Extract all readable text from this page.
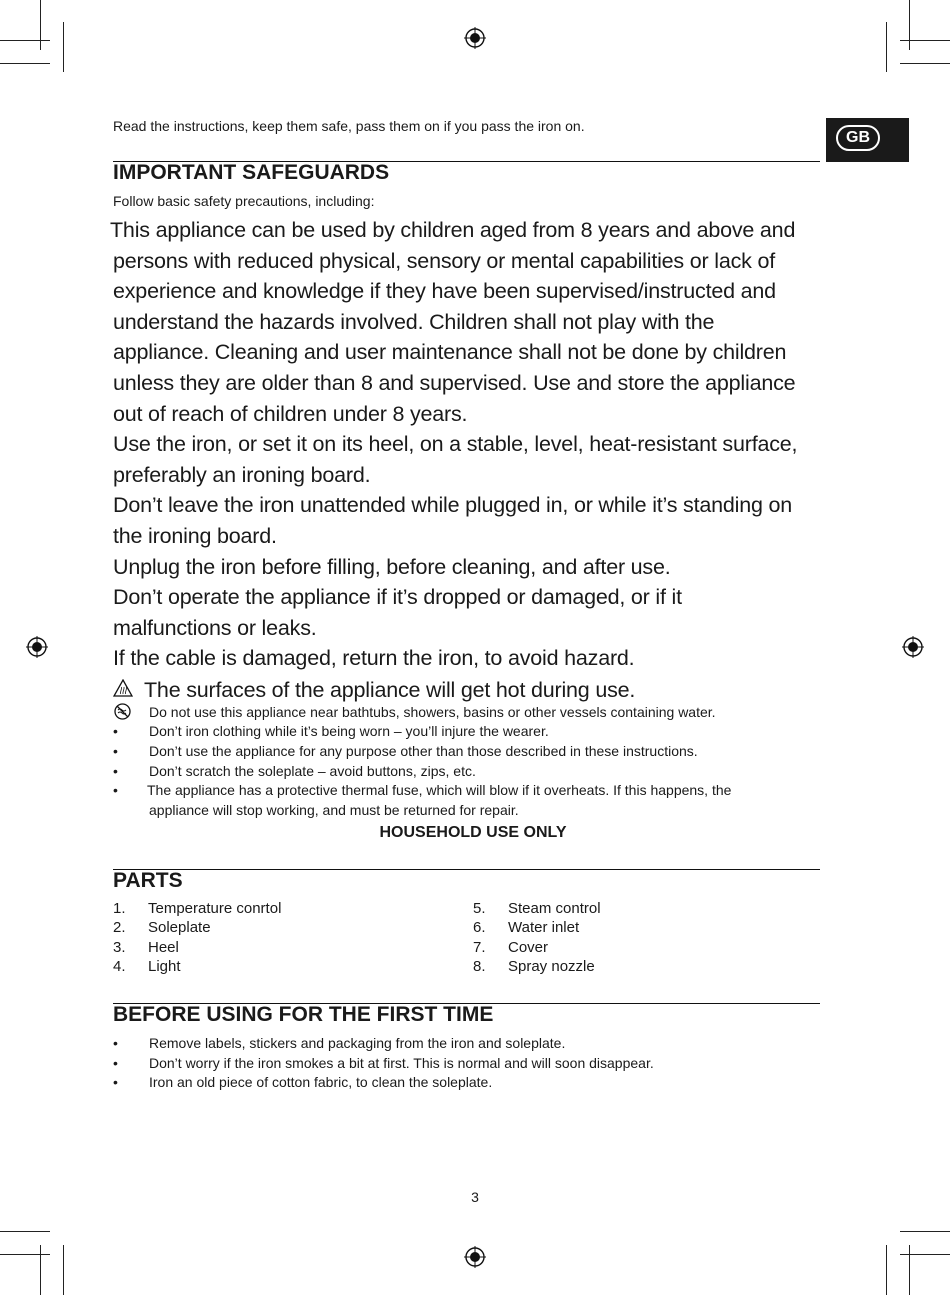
Read the instructions, keep them safe, pass them on if you pass the iron on.
GB
IMPORTANT SAFEGUARDS
Follow basic safety precautions, including:
This appliance can be used by children aged from 8 years and above and
persons with reduced physical, sensory or mental capabilities or lack of
experience and knowledge if they have been supervised/instructed and
understand the hazards involved. Children shall not play with the
appliance. Cleaning and user maintenance shall not be done by children
unless they are older than 8 and supervised. Use and store the appliance
out of reach of children under 8 years.
Use the iron, or set it on its heel, on a stable, level, heat-resistant surface,
preferably an ironing board.
Don’t leave the iron unattended while plugged in, or while it’s standing on
the ironing board.
Unplug the iron before filling, before cleaning, and after use.
Don’t operate the appliance if it’s dropped or damaged, or if it
malfunctions or leaks.
If the cable is damaged, return the iron, to avoid hazard.
The surfaces of the appliance will get hot during use.
Do not use this appliance near bathtubs, showers, basins or other vessels containing water.
•	Don’t iron clothing while it’s being worn – you’ll injure the wearer.
•	Don’t use the appliance for any purpose other than those described in these instructions.
•	Don’t scratch the soleplate – avoid buttons, zips, etc.
•	The appliance has a protective thermal fuse, which will blow if it overheats. If this happens, the
appliance will stop working, and must be returned for repair.
HOUSEHOLD USE ONLY
PARTS
1.	Temperature conrtol
2.	Soleplate
3.	Heel
4.	Light
5.	Steam control
6.	Water inlet
7.	Cover
8.	Spray nozzle
BEFORE USING FOR THE FIRST TIME
•	Remove labels, stickers and packaging from the iron and soleplate.
•	Don’t worry if the iron smokes a bit at first. This is normal and will soon disappear.
•	Iron an old piece of cotton fabric, to clean the soleplate.
3
